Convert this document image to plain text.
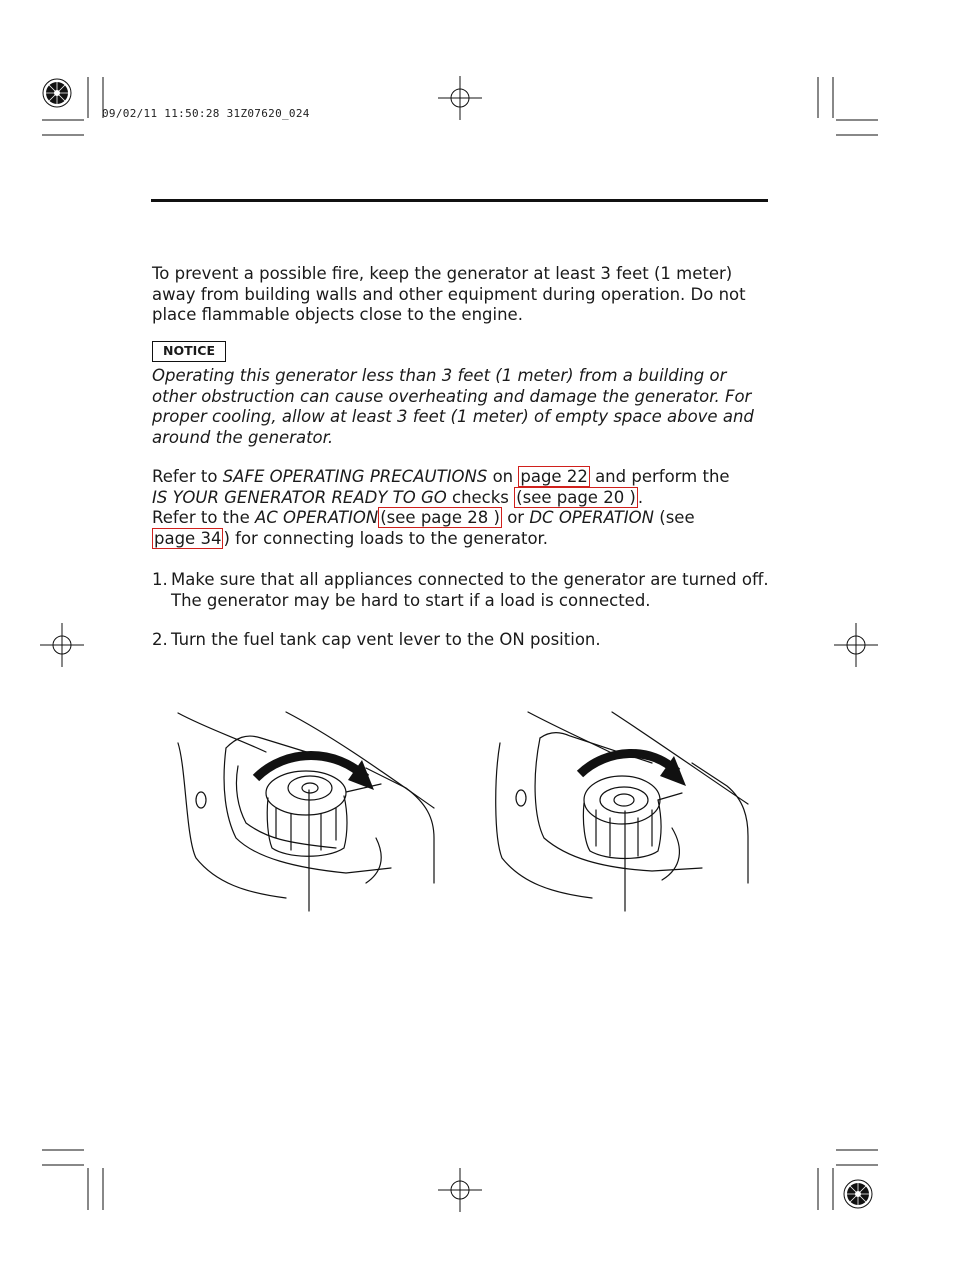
09/02/11 11:50:28 31Z07620_024

To prevent a possible fire, keep the generator at least 3 feet (1 meter) away from building walls and other equipment during operation. Do not place flammable objects close to the engine.

NOTICE

Operating this generator less than 3 feet (1 meter) from a building or other obstruction can cause overheating and damage the generator. For proper cooling, allow at least 3 feet (1 meter) of empty space above and around the generator.

Refer to SAFE OPERATING PRECAUTIONS on page 22 and perform the
IS YOUR GENERATOR READY TO GO checks (see page 20 ) .
Refer to the AC OPERATION (see page 28 ) or DC OPERATION (see
page 34 ) for connecting loads to the generator.

1. Make sure that all appliances connected to the generator are turned off. The generator may be hard to start if a load is connected.
2. Turn the fuel tank cap vent lever to the ON position.
